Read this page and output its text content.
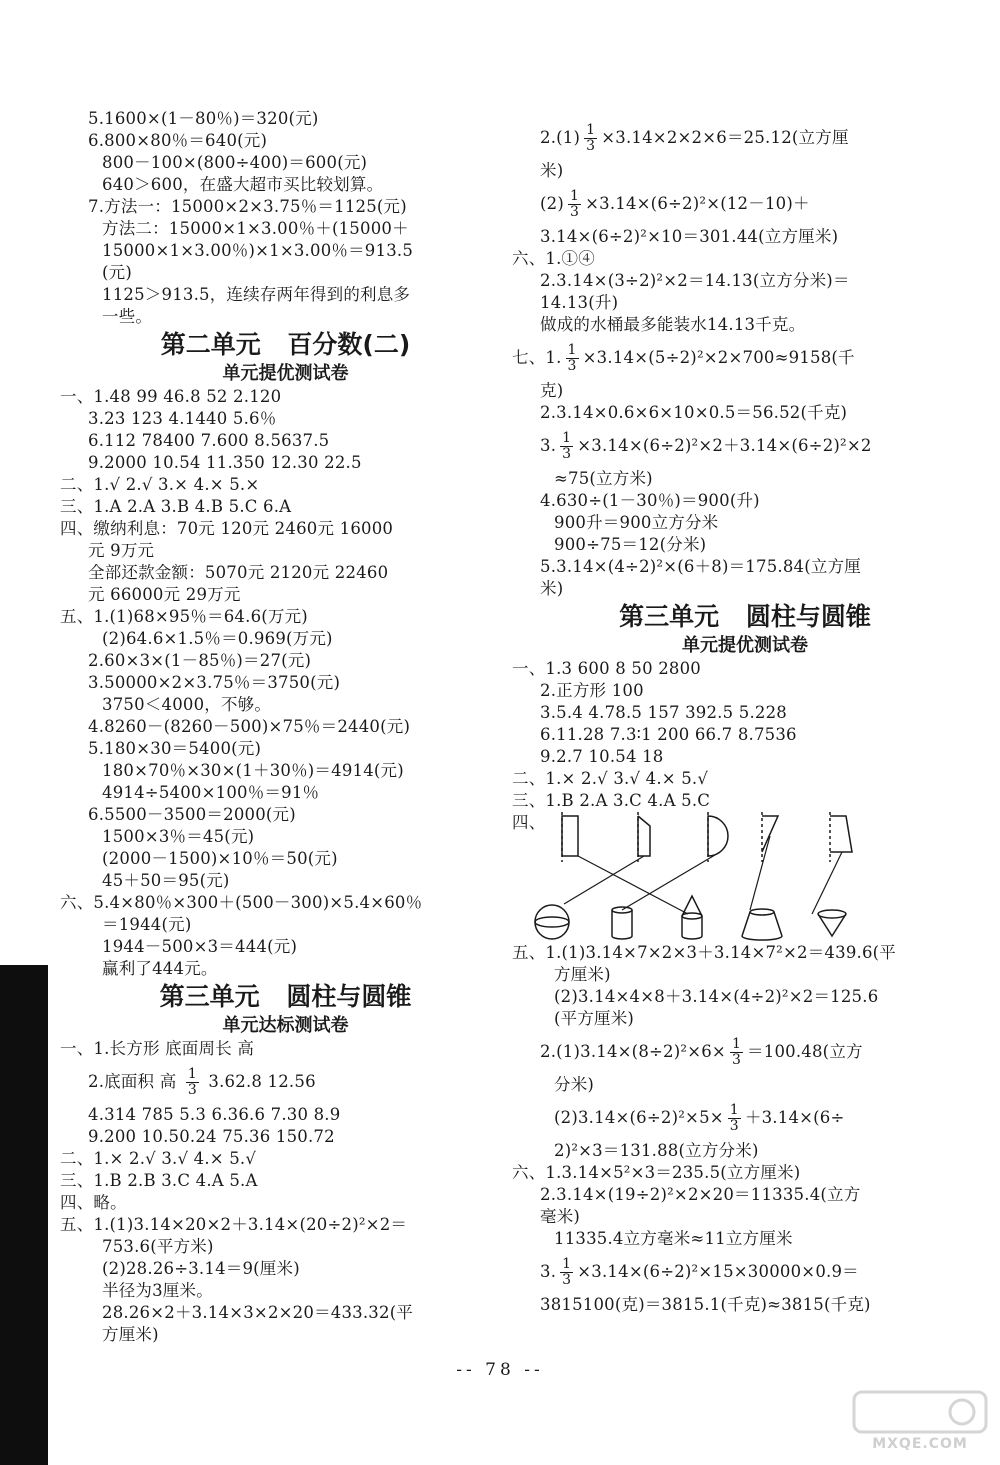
5.1600×(1－80％)＝320(元)
6.800×80％＝640(元)
800－100×(800÷400)＝600(元)
640＞600，在盛大超市买比较划算。
7.方法一：15000×2×3.75％＝1125(元)
方法二：15000×1×3.00％＋(15000＋
15000×1×3.00％)×1×3.00％＝913.5
(元)
1125＞913.5，连续存两年得到的利息多
一些。
第二单元 百分数(二)
单元提优测试卷
一、1.48 99 46.8 52 2.120
3.23 123 4.1440 5.6％
6.112 78400 7.600 8.5637.5
9.2000 10.54 11.350 12.30 22.5
二、1.√ 2.√ 3.× 4.× 5.×
三、1.A 2.A 3.B 4.B 5.C 6.A
四、缴纳利息：70元 120元 2460元 16000
元 9万元
全部还款金额：5070元 2120元 22460
元 66000元 29万元
五、1.(1)68×95％＝64.6(万元)
(2)64.6×1.5％＝0.969(万元)
2.60×3×(1－85％)＝27(元)
3.50000×2×3.75％＝3750(元)
3750＜4000，不够。
4.8260－(8260－500)×75％＝2440(元)
5.180×30＝5400(元)
180×70％×30×(1＋30％)＝4914(元)
4914÷5400×100％＝91％
6.5500－3500＝2000(元)
1500×3％＝45(元)
(2000－1500)×10％＝50(元)
45＋50＝95(元)
六、5.4×80％×300＋(500－300)×5.4×60％
＝1944(元)
1944－500×3＝444(元)
赢利了444元。
第三单元 圆柱与圆锥
单元达标测试卷
一、1.长方形 底面周长 高
2.底面积 高 $\frac{1}{3} 3.62.8$ 12.56
4.314 785 5.3 6.36.6 7.30 8.9
9.200 10.50.24 75.36 150.72
二、1.× 2.√ 3.√ 4.× 5.√
三、1.B 2.B 3.C 4.A 5.A
四、略。
五、1.(1)3.14×20×2＋3.14×(20÷2)²×2＝
753.6(平方米)
(2)28.26÷3.14＝9(厘米)
半径为3厘米。
28.26×2＋3.14×3×2×20＝433.32(平
方厘米)
$2.(1) \frac{1}{3} \times 3.14\times 2\times 2\times 6=25.12$(立方厘
米)
$(2) \frac{1}{3} \times 3.14\times(6\div 2)^2\times(12-10)+$
3.14×(6÷2)²×10＝301.44(立方厘米)
六、1.①④
2.3.14×(3÷2)²×2＝14.13(立方分米)＝
14.13(升)
做成的水桶最多能装水14.13千克。
七、1. $\frac{1}{3} \times 3.14\times(5\div 2)^2\times 2\times 700\approx 9158$(千
克)
2.3.14×0.6×6×10×0.5＝56.52(千克)
3. $\frac{1}{3} \times 3.14\times(6\div 2)^2\times 2+3.14\times(6\div 2)^2\times 2$
≈75(立方米)
4.630÷(1－30％)＝900(升)
900升＝900立方分米
900÷75＝12(分米)
5.3.14×(4÷2)²×(6＋8)＝175.84(立方厘
米)
第三单元 圆柱与圆锥
单元提优测试卷
一、1.3 600 8 50 2800
2.正方形 100
3.5.4 4.78.5 157 392.5 5.228
6.11.28 7.3∶1 200 66.7 8.7536
9.2.7 10.54 18
二、1.× 2.√ 3.√ 4.× 5.√
三、1.B 2.A 3.C 4.A 5.C
四、
五、1.(1)3.14×7×2×3＋3.14×7²×2＝439.6(平
方厘米)
(2)3.14×4×8＋3.14×(4÷2)²×2＝125.6
(平方厘米)
$2.(1)3.14\times(8\div 2)^2\times 6\times \frac{1}{3} =100.48$(立方
分米)
$(2)3.14\times(6\div 2)^2\times 5\times \frac{1}{3} +3.14\times(6\div$
2)²×3＝131.88(立方分米)
六、1.3.14×5²×3＝235.5(立方厘米)
2.3.14×(19÷2)²×2×20＝11335.4(立方
毫米)
11335.4立方毫米≈11立方厘米
3. $\frac{1}{3} \times 3.14\times(6\div 2)^2\times 15\times 30000\times 0.9=$
3815100(克)＝3815.1(千克)≈3815(千克)
-- 78 --
MXQE.COM
